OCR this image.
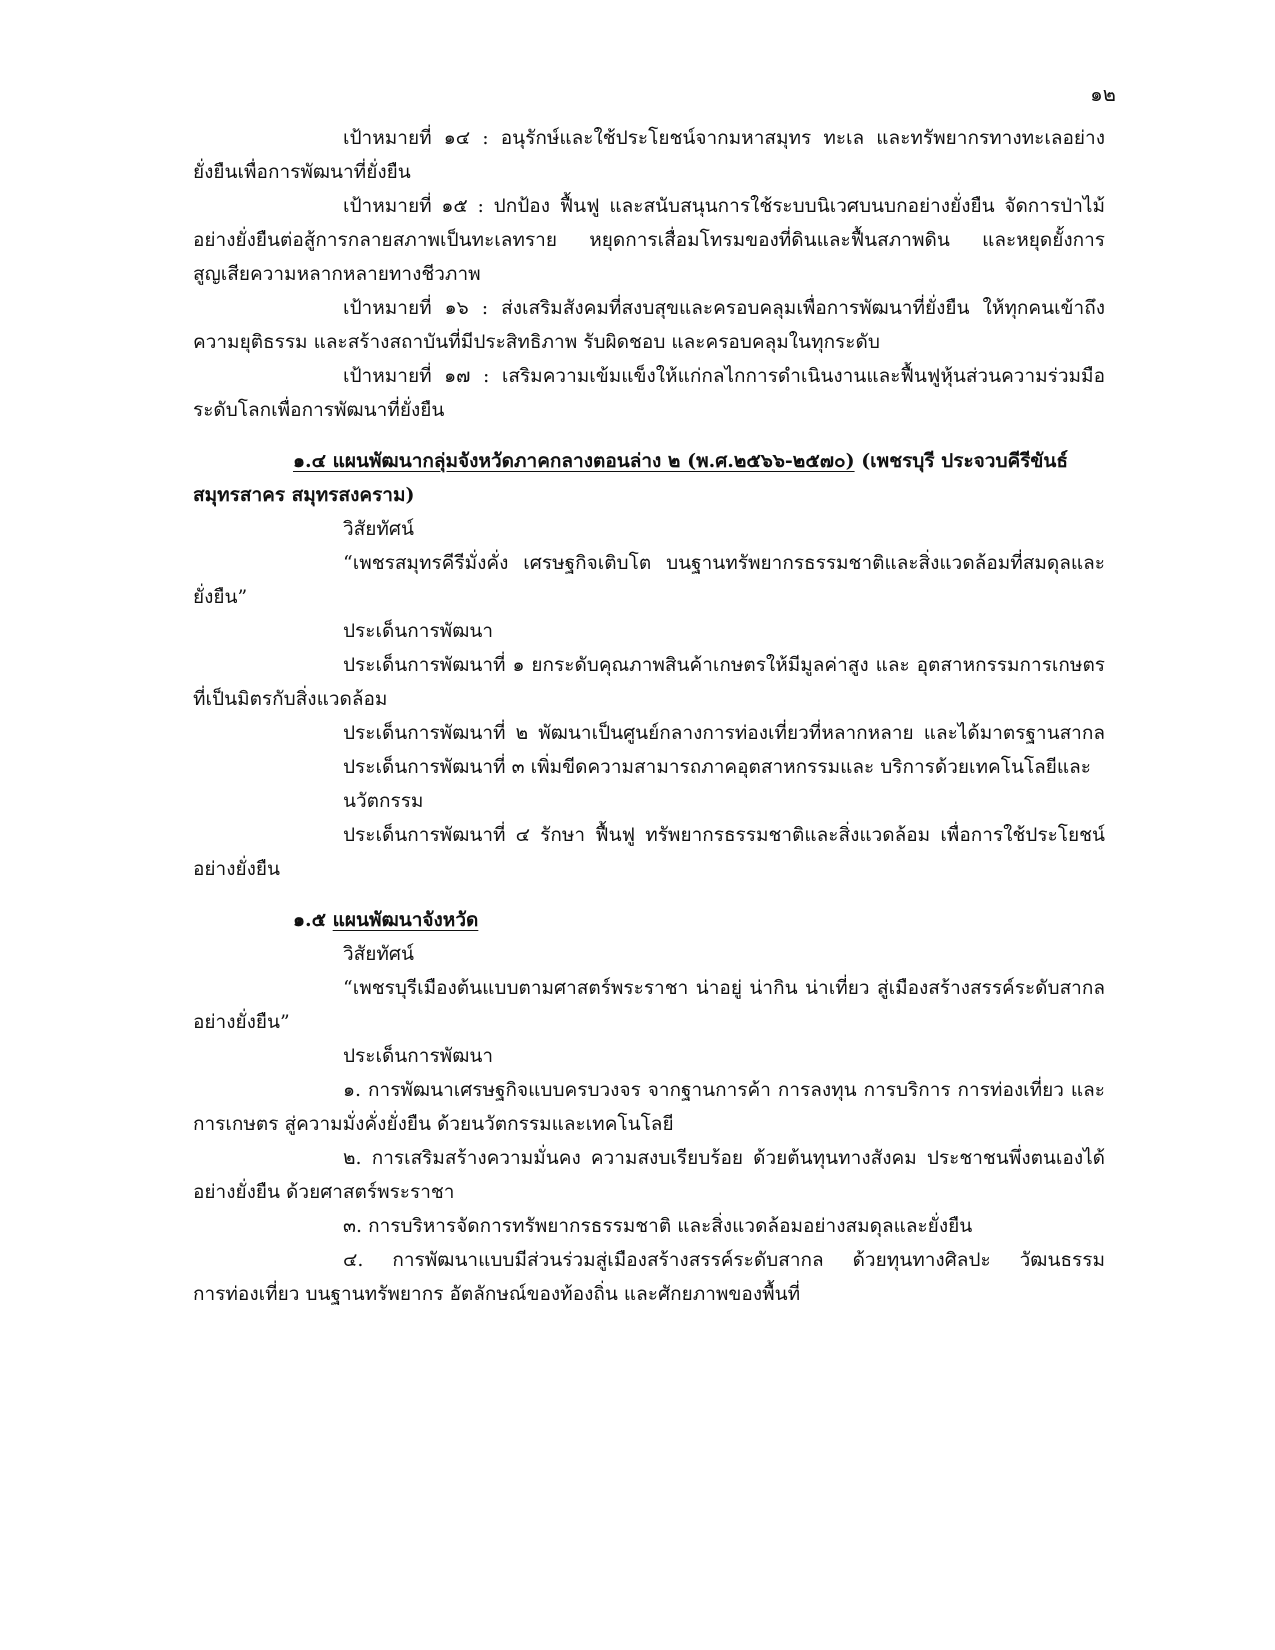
๑๒
เป้าหมายที่ ๑๔ : อนุรักษ์และใช้ประโยชน์จากมหาสมุทร ทะเล และทรัพยากรทางทะเลอย่าง
ยั่งยืนเพื่อการพัฒนาที่ยั่งยืน
เป้าหมายที่ ๑๕ : ปกป้อง ฟื้นฟู และสนับสนุนการใช้ระบบนิเวศบนบกอย่างยั่งยืน จัดการป่าไม้
อย่างยั่งยืนต่อสู้การกลายสภาพเป็นทะเลทราย หยุดการเสื่อมโทรมของที่ดินและฟื้นสภาพดิน และหยุดยั้งการ
สูญเสียความหลากหลายทางชีวภาพ
เป้าหมายที่ ๑๖ : ส่งเสริมสังคมที่สงบสุขและครอบคลุมเพื่อการพัฒนาที่ยั่งยืน ให้ทุกคนเข้าถึง
ความยุติธรรม และสร้างสถาบันที่มีประสิทธิภาพ รับผิดชอบ และครอบคลุมในทุกระดับ
เป้าหมายที่ ๑๗ : เสริมความเข้มแข็งให้แก่กลไกการดำเนินงานและฟื้นฟูหุ้นส่วนความร่วมมือ
ระดับโลกเพื่อการพัฒนาที่ยั่งยืน
๑.๔ แผนพัฒนากลุ่มจังหวัดภาคกลางตอนล่าง ๒ (พ.ศ.๒๕๖๖-๒๕๗๐) (เพชรบุรี ประจวบคีรีขันธ์
สมุทรสาคร สมุทรสงคราม)
วิสัยทัศน์
“เพชรสมุทรคีรีมั่งคั่ง เศรษฐกิจเติบโต บนฐานทรัพยากรธรรมชาติและสิ่งแวดล้อมที่สมดุลและ
ยั่งยืน”
ประเด็นการพัฒนา
ประเด็นการพัฒนาที่ ๑ ยกระดับคุณภาพสินค้าเกษตรให้มีมูลค่าสูง และ อุตสาหกรรมการเกษตร
ที่เป็นมิตรกับสิ่งแวดล้อม
ประเด็นการพัฒนาที่ ๒ พัฒนาเป็นศูนย์กลางการท่องเที่ยวที่หลากหลาย และได้มาตรฐานสากล
ประเด็นการพัฒนาที่ ๓ เพิ่มขีดความสามารถภาคอุตสาหกรรมและ บริการด้วยเทคโนโลยีและ
นวัตกรรม
ประเด็นการพัฒนาที่ ๔ รักษา ฟื้นฟู ทรัพยากรธรรมชาติและสิ่งแวดล้อม เพื่อการใช้ประโยชน์
อย่างยั่งยืน
๑.๕ แผนพัฒนาจังหวัด
วิสัยทัศน์
“เพชรบุรีเมืองต้นแบบตามศาสตร์พระราชา น่าอยู่ น่ากิน น่าเที่ยว สู่เมืองสร้างสรรค์ระดับสากล
อย่างยั่งยืน”
ประเด็นการพัฒนา
๑. การพัฒนาเศรษฐกิจแบบครบวงจร จากฐานการค้า การลงทุน การบริการ การท่องเที่ยว และ
การเกษตร สู่ความมั่งคั่งยั่งยืน ด้วยนวัตกรรมและเทคโนโลยี
๒. การเสริมสร้างความมั่นคง ความสงบเรียบร้อย ด้วยต้นทุนทางสังคม ประชาชนพึ่งตนเองได้
อย่างยั่งยืน ด้วยศาสตร์พระราชา
๓. การบริหารจัดการทรัพยากรธรรมชาติ และสิ่งแวดล้อมอย่างสมดุลและยั่งยืน
๔. การพัฒนาแบบมีส่วนร่วมสู่เมืองสร้างสรรค์ระดับสากล ด้วยทุนทางศิลปะ วัฒนธรรม
การท่องเที่ยว บนฐานทรัพยากร อัตลักษณ์ของท้องถิ่น และศักยภาพของพื้นที่
